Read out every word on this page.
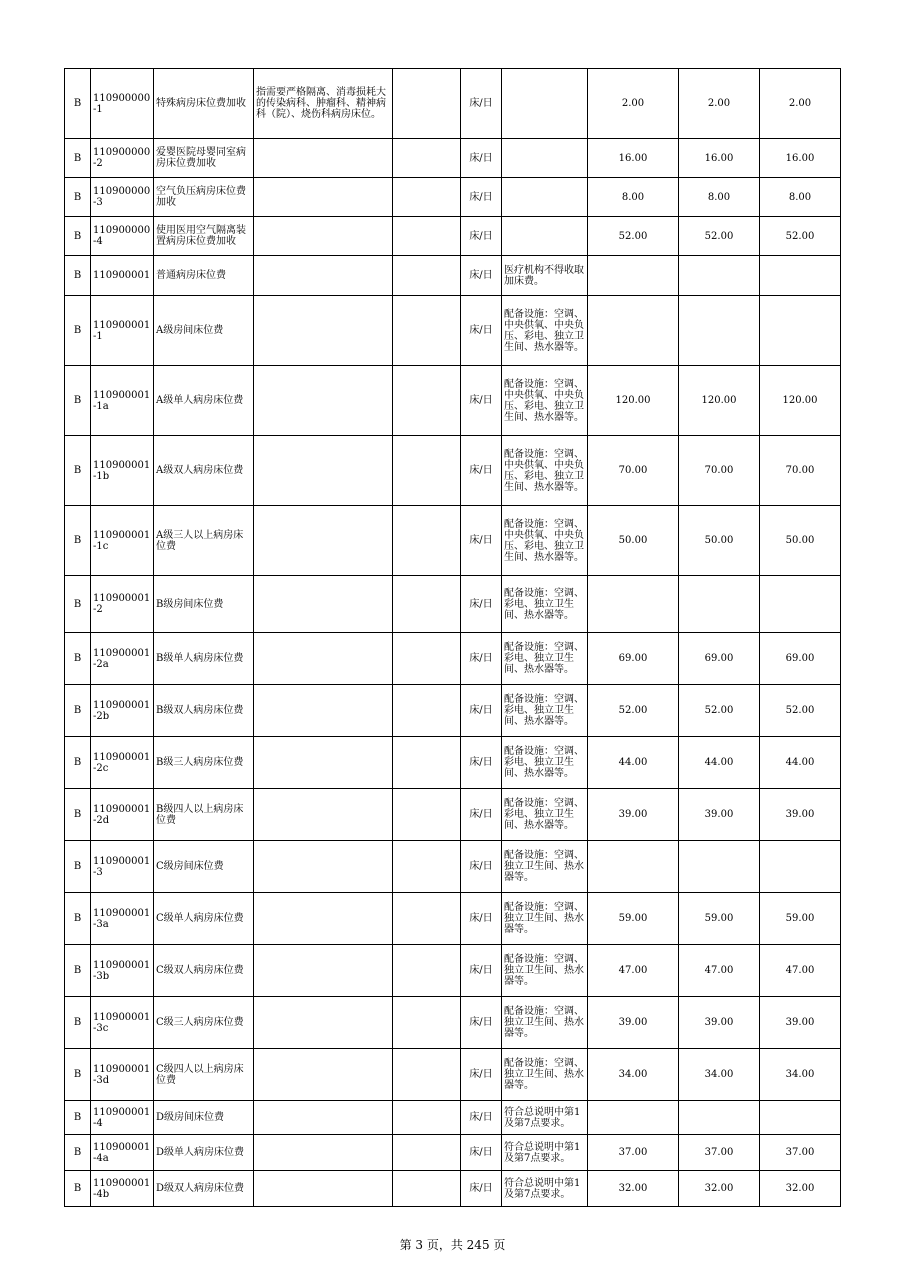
B	110900000-1	特殊病房床位费加收	指需要严格隔离、消毒损耗大的传染病科、肿瘤科、精神病科（院）、烧伤科病房床位。		床/日		2.00	2.00	2.00
B	110900000-2	爱婴医院母婴同室病房床位费加收			床/日		16.00	16.00	16.00
B	110900000-3	空气负压病房床位费加收			床/日		8.00	8.00	8.00
B	110900000-4	使用医用空气隔离装置病房床位费加收			床/日		52.00	52.00	52.00
B	110900001	普通病房床位费			床/日	医疗机构不得收取加床费。			
B	110900001-1	A级房间床位费			床/日	配备设施：空调、中央供氧、中央负压、彩电、独立卫生间、热水器等。			
B	110900001-1a	A级单人病房床位费			床/日	配备设施：空调、中央供氧、中央负压、彩电、独立卫生间、热水器等。	120.00	120.00	120.00
B	110900001-1b	A级双人病房床位费			床/日	配备设施：空调、中央供氧、中央负压、彩电、独立卫生间、热水器等。	70.00	70.00	70.00
B	110900001-1c	A级三人以上病房床位费			床/日	配备设施：空调、中央供氧、中央负压、彩电、独立卫生间、热水器等。	50.00	50.00	50.00
B	110900001-2	B级房间床位费			床/日	配备设施：空调、彩电、独立卫生间、热水器等。			
B	110900001-2a	B级单人病房床位费			床/日	配备设施：空调、彩电、独立卫生间、热水器等。	69.00	69.00	69.00
B	110900001-2b	B级双人病房床位费			床/日	配备设施：空调、彩电、独立卫生间、热水器等。	52.00	52.00	52.00
B	110900001-2c	B级三人病房床位费			床/日	配备设施：空调、彩电、独立卫生间、热水器等。	44.00	44.00	44.00
B	110900001-2d	B级四人以上病房床位费			床/日	配备设施：空调、彩电、独立卫生间、热水器等。	39.00	39.00	39.00
B	110900001-3	C级房间床位费			床/日	配备设施：空调、独立卫生间、热水器等。			
B	110900001-3a	C级单人病房床位费			床/日	配备设施：空调、独立卫生间、热水器等。	59.00	59.00	59.00
B	110900001-3b	C级双人病房床位费			床/日	配备设施：空调、独立卫生间、热水器等。	47.00	47.00	47.00
B	110900001-3c	C级三人病房床位费			床/日	配备设施：空调、独立卫生间、热水器等。	39.00	39.00	39.00
B	110900001-3d	C级四人以上病房床位费			床/日	配备设施：空调、独立卫生间、热水器等。	34.00	34.00	34.00
B	110900001-4	D级房间床位费			床/日	符合总说明中第1及第7点要求。			
B	110900001-4a	D级单人病房床位费			床/日	符合总说明中第1及第7点要求。	37.00	37.00	37.00
B	110900001-4b	D级双人病房床位费			床/日	符合总说明中第1及第7点要求。	32.00	32.00	32.00
第 3 页，共 245 页
